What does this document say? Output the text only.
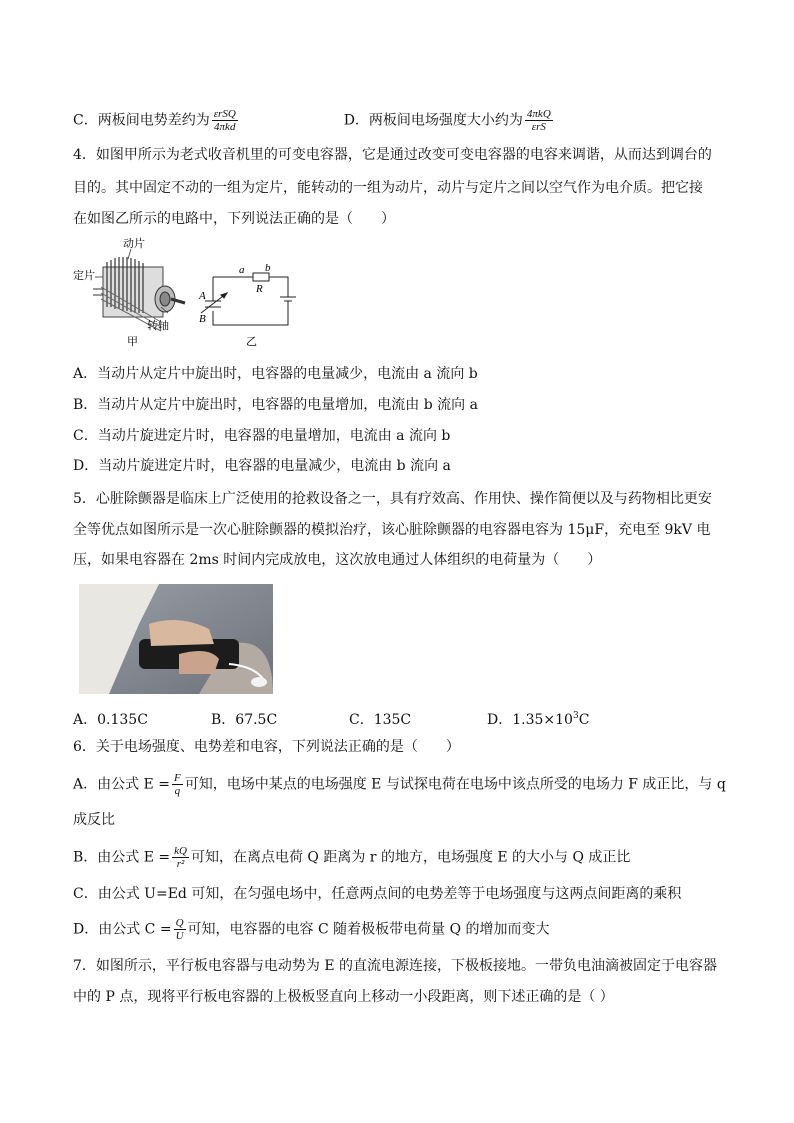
C．两板间电势差约为 $\frac{\text{εrSQ}}{\text{4πkd}}$	D．两板间电场强度大小约为 $\frac{\text{4πkQ}}{\text{εrS}}$
4．如图甲所示为老式收音机里的可变电容器，它是通过改变可变电容器的电容来调谐，从而达到调台的
目的。其中固定不动的一组为定片，能转动的一组为动片，动片与定片之间以空气作为电介质。把它接
在如图乙所示的电路中，下列说法正确的是（　　）
动片
定片
转轴
甲
a b
R
A
B
乙
A．当动片从定片中旋出时，电容器的电量减少，电流由 a 流向 b
B．当动片从定片中旋出时，电容器的电量增加，电流由 b 流向 a
C．当动片旋进定片时，电容器的电量增加，电流由 a 流向 b
D．当动片旋进定片时，电容器的电量减少，电流由 b 流向 a
5．心脏除颤器是临床上广泛使用的抢救设备之一，具有疗效高、作用快、操作简便以及与药物相比更安
全等优点如图所示是一次心脏除颤器的模拟治疗，该心脏除颤器的电容器电容为 15μF，充电至 9kV 电
压，如果电容器在 2ms 时间内完成放电，这次放电通过人体组织的电荷量为（　　）
A．0.135C	B．67.5C	C．135C	D．$1.35\times 10^3C$
6．关于电场强度、电势差和电容，下列说法正确的是（　　）
A．由公式 $E = \frac{F}{q}$ 可知，电场中某点的电场强度 E 与试探电荷在电场中该点所受的电场力 F 成正比，与 q
成反比
B．由公式 $E = \frac{kQ}{\text{r²}}$ 可知，在离点电荷 Q 距离为 r 的地方，电场强度 E 的大小与 Q 成正比
C．由公式 U=Ed 可知，在匀强电场中，任意两点间的电势差等于电场强度与这两点间距离的乘积
D．由公式 $C = \frac{Q}{U}$ 可知，电容器的电容 C 随着极板带电荷量 Q 的增加而变大
7．如图所示，平行板电容器与电动势为 E 的直流电源连接，下极板接地。一带负电油滴被固定于电容器
中的 P 点，现将平行板电容器的上极板竖直向上移动一小段距离，则下述正确的是（ ）
